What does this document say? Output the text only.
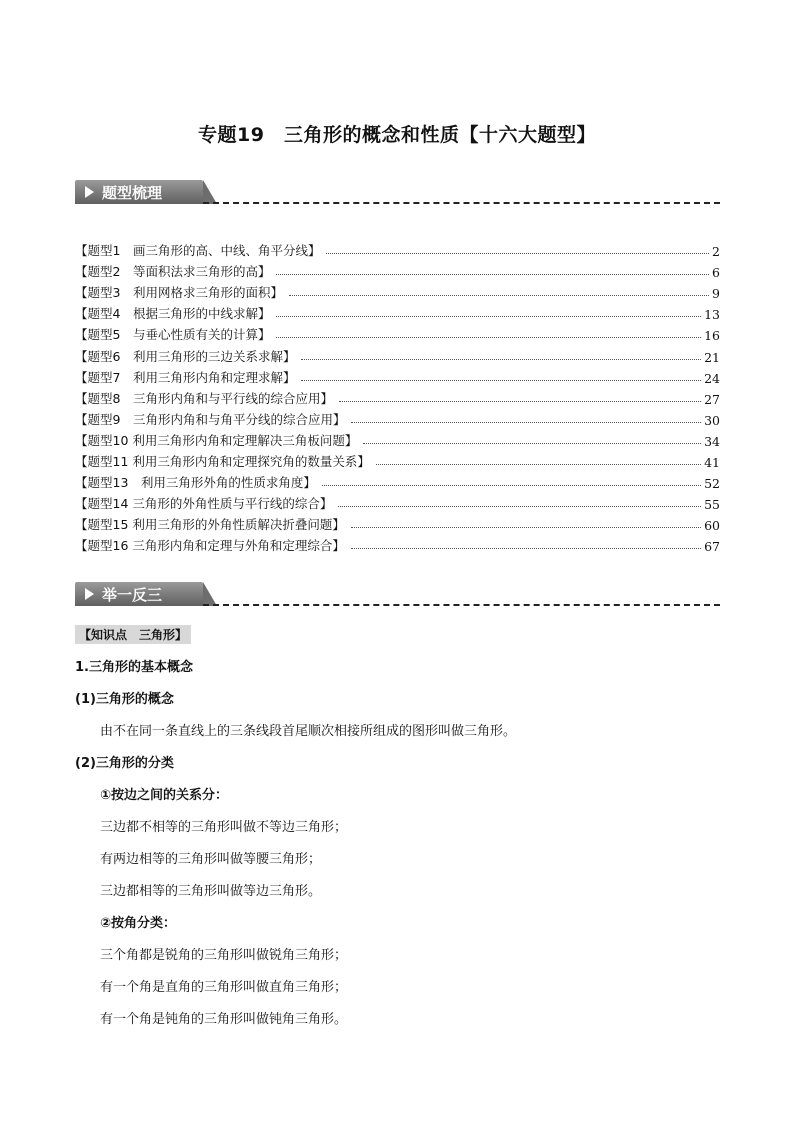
专题19　三角形的概念和性质【十六大题型】
题型梳理
【题型1　画三角形的高、中线、角平分线】	2
【题型2　等面积法求三角形的高】	6
【题型3　利用网格求三角形的面积】	9
【题型4　根据三角形的中线求解】	13
【题型5　与垂心性质有关的计算】	16
【题型6　利用三角形的三边关系求解】	21
【题型7　利用三角形内角和定理求解】	24
【题型8　三角形内角和与平行线的综合应用】	27
【题型9　三角形内角和与角平分线的综合应用】	30
【题型10 利用三角形内角和定理解决三角板问题】	34
【题型11 利用三角形内角和定理探究角的数量关系】	41
【题型13　利用三角形外角的性质求角度】	52
【题型14 三角形的外角性质与平行线的综合】	55
【题型15 利用三角形的外角性质解决折叠问题】	60
【题型16 三角形内角和定理与外角和定理综合】	67
举一反三
【知识点　三角形】
1.三角形的基本概念
(1)三角形的概念
由不在同一条直线上的三条线段首尾顺次相接所组成的图形叫做三角形。
(2)三角形的分类
①按边之间的关系分：
三边都不相等的三角形叫做不等边三角形；
有两边相等的三角形叫做等腰三角形；
三边都相等的三角形叫做等边三角形。
②按角分类：
三个角都是锐角的三角形叫做锐角三角形；
有一个角是直角的三角形叫做直角三角形；
有一个角是钝角的三角形叫做钝角三角形。
